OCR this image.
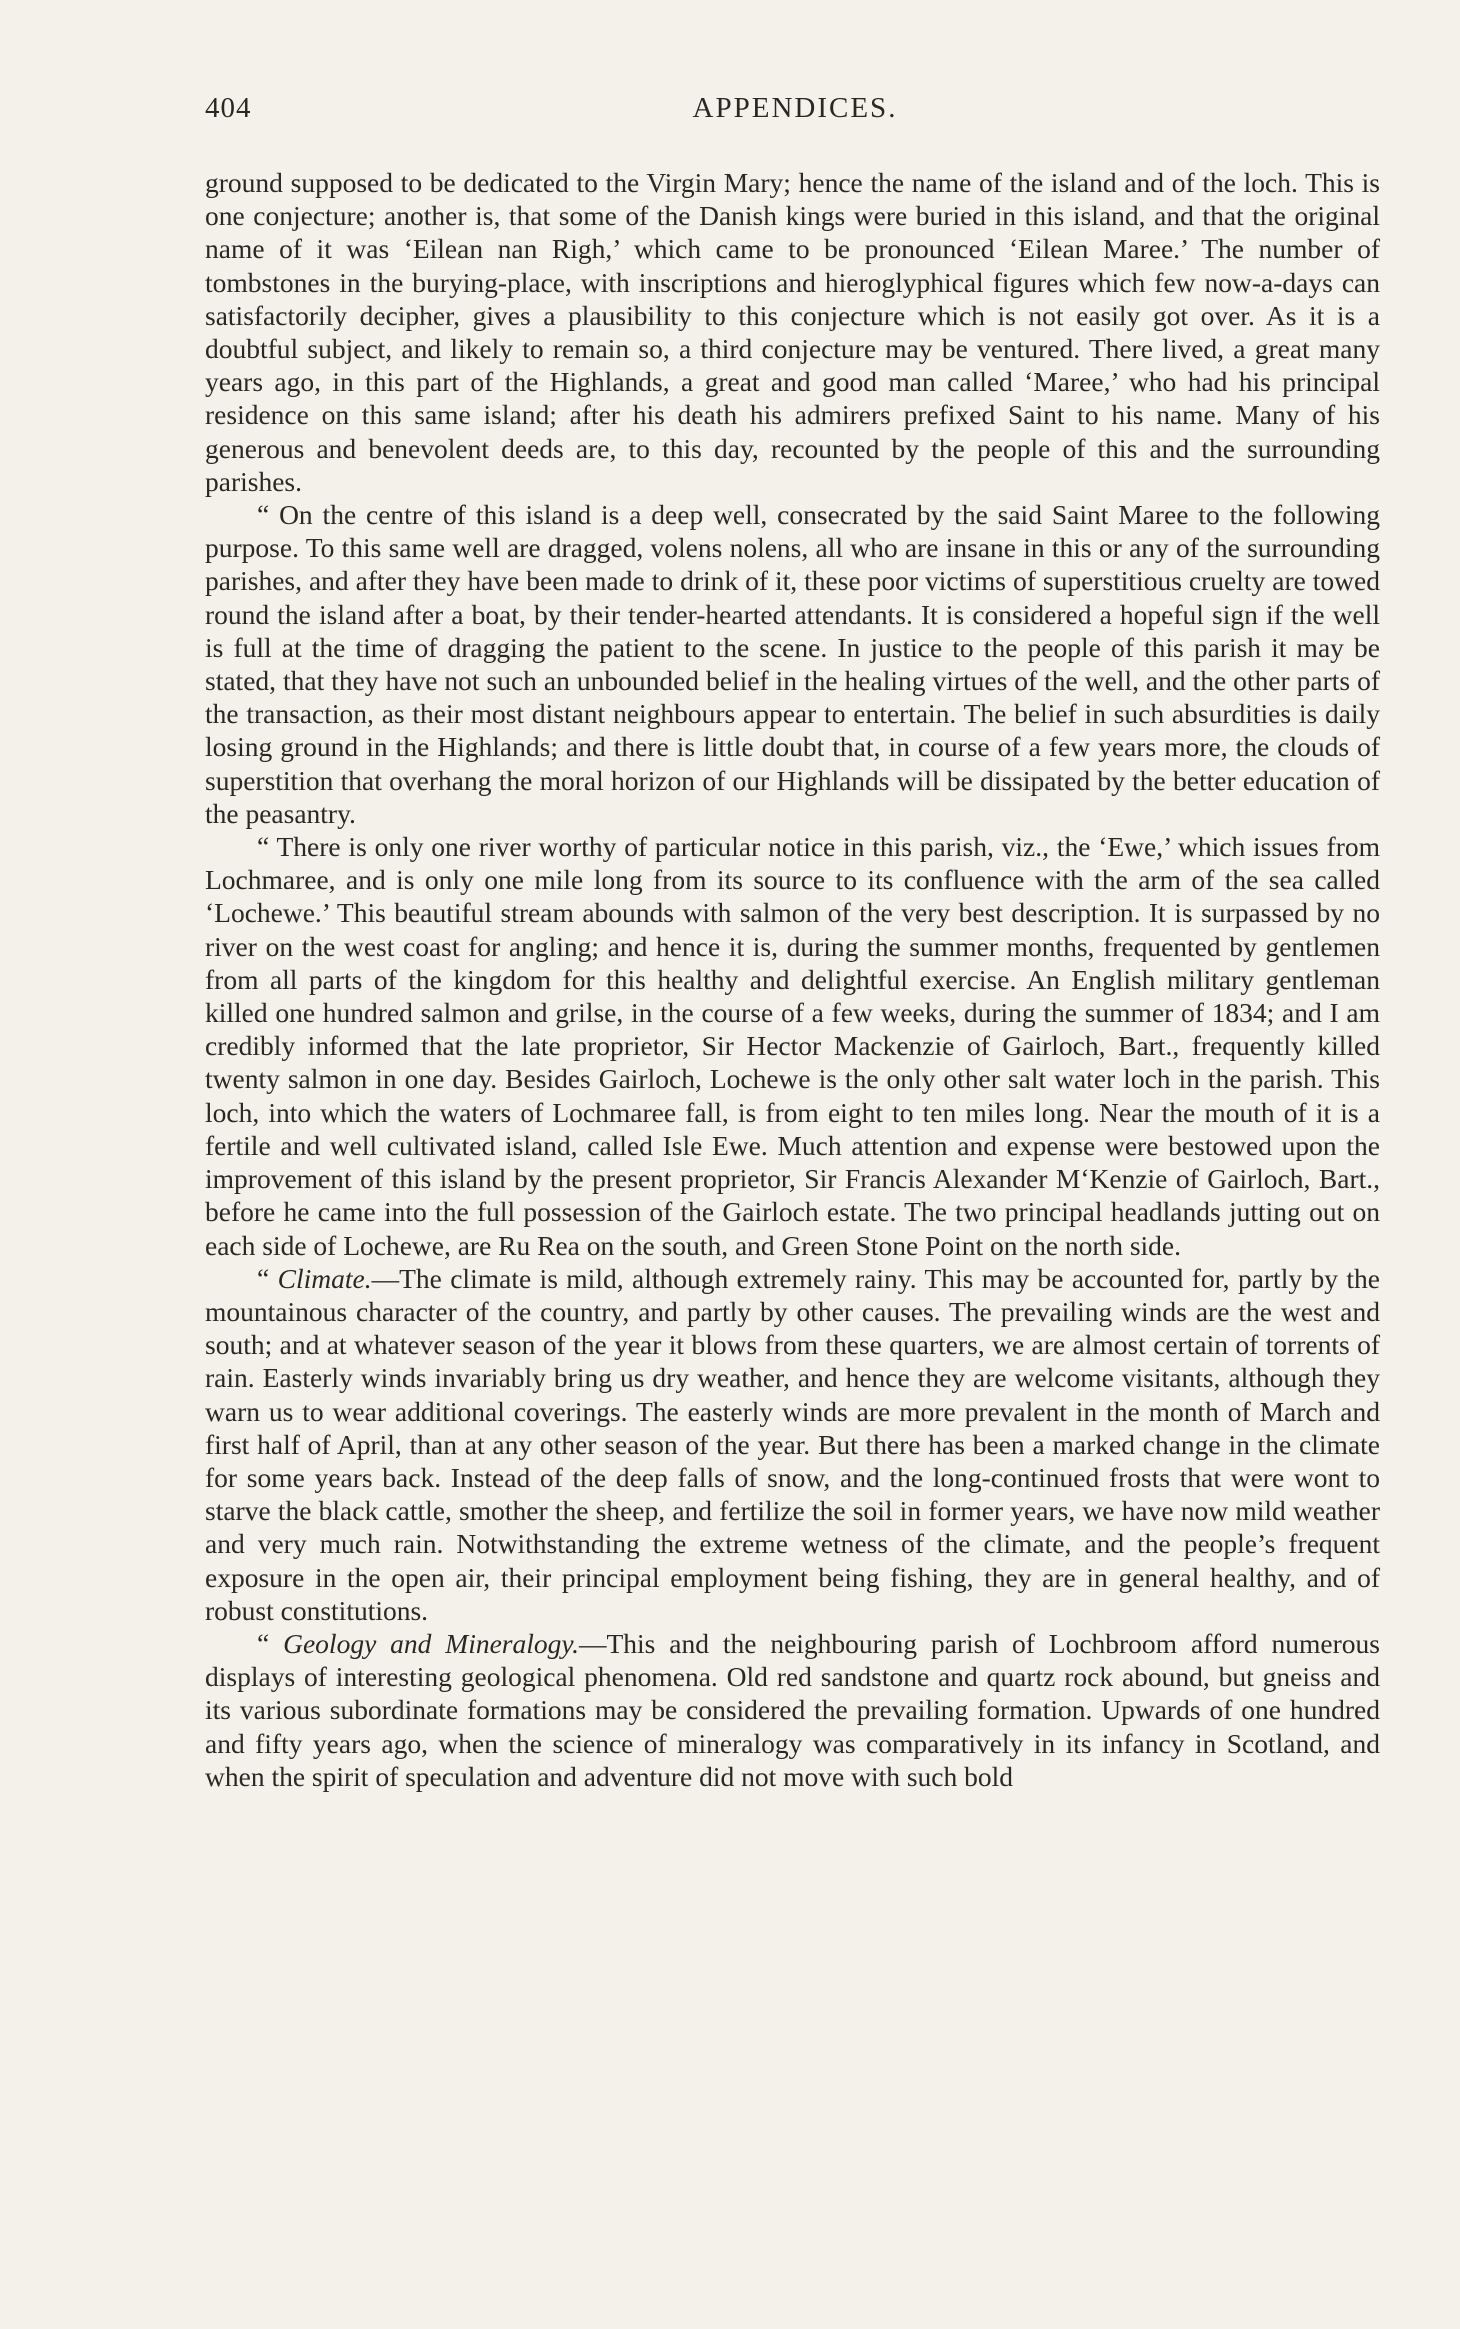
404	APPENDICES.

ground supposed to be dedicated to the Virgin Mary; hence the name of the island and of the loch. This is one conjecture; another is, that some of the Danish kings were buried in this island, and that the original name of it was ‘Eilean nan Righ,’ which came to be pronounced ‘Eilean Maree.’ The number of tombstones in the burying-place, with inscriptions and hieroglyphical figures which few now-a-days can satisfactorily decipher, gives a plausibility to this conjecture which is not easily got over. As it is a doubtful subject, and likely to remain so, a third conjecture may be ventured. There lived, a great many years ago, in this part of the Highlands, a great and good man called ‘Maree,’ who had his principal residence on this same island; after his death his admirers prefixed Saint to his name. Many of his generous and benevolent deeds are, to this day, recounted by the people of this and the surrounding parishes.

“ On the centre of this island is a deep well, consecrated by the said Saint Maree to the following purpose. To this same well are dragged, volens nolens, all who are insane in this or any of the surrounding parishes, and after they have been made to drink of it, these poor victims of superstitious cruelty are towed round the island after a boat, by their tender-hearted attendants. It is considered a hopeful sign if the well is full at the time of dragging the patient to the scene. In justice to the people of this parish it may be stated, that they have not such an unbounded belief in the healing virtues of the well, and the other parts of the transaction, as their most distant neighbours appear to entertain. The belief in such absurdities is daily losing ground in the Highlands; and there is little doubt that, in course of a few years more, the clouds of superstition that overhang the moral horizon of our Highlands will be dissipated by the better education of the peasantry.

“ There is only one river worthy of particular notice in this parish, viz., the ‘Ewe,’ which issues from Lochmaree, and is only one mile long from its source to its confluence with the arm of the sea called ‘Lochewe.’ This beautiful stream abounds with salmon of the very best description. It is surpassed by no river on the west coast for angling; and hence it is, during the summer months, frequented by gentlemen from all parts of the kingdom for this healthy and delightful exercise. An English military gentleman killed one hundred salmon and grilse, in the course of a few weeks, during the summer of 1834; and I am credibly informed that the late proprietor, Sir Hector Mackenzie of Gairloch, Bart., frequently killed twenty salmon in one day. Besides Gairloch, Lochewe is the only other salt water loch in the parish. This loch, into which the waters of Lochmaree fall, is from eight to ten miles long. Near the mouth of it is a fertile and well cultivated island, called Isle Ewe. Much attention and expense were bestowed upon the improvement of this island by the present proprietor, Sir Francis Alexander M‘Kenzie of Gairloch, Bart., before he came into the full possession of the Gairloch estate. The two principal headlands jutting out on each side of Lochewe, are Ru Rea on the south, and Green Stone Point on the north side.

“ Climate.—The climate is mild, although extremely rainy. This may be accounted for, partly by the mountainous character of the country, and partly by other causes. The prevailing winds are the west and south; and at whatever season of the year it blows from these quarters, we are almost certain of torrents of rain. Easterly winds invariably bring us dry weather, and hence they are welcome visitants, although they warn us to wear additional coverings. The easterly winds are more prevalent in the month of March and first half of April, than at any other season of the year. But there has been a marked change in the climate for some years back. Instead of the deep falls of snow, and the long-continued frosts that were wont to starve the black cattle, smother the sheep, and fertilize the soil in former years, we have now mild weather and very much rain. Notwithstanding the extreme wetness of the climate, and the people’s frequent exposure in the open air, their principal employment being fishing, they are in general healthy, and of robust constitutions.

“ Geology and Mineralogy.—This and the neighbouring parish of Lochbroom afford numerous displays of interesting geological phenomena. Old red sandstone and quartz rock abound, but gneiss and its various subordinate formations may be considered the prevailing formation. Upwards of one hundred and fifty years ago, when the science of mineralogy was comparatively in its infancy in Scotland, and when the spirit of speculation and adventure did not move with such bold
